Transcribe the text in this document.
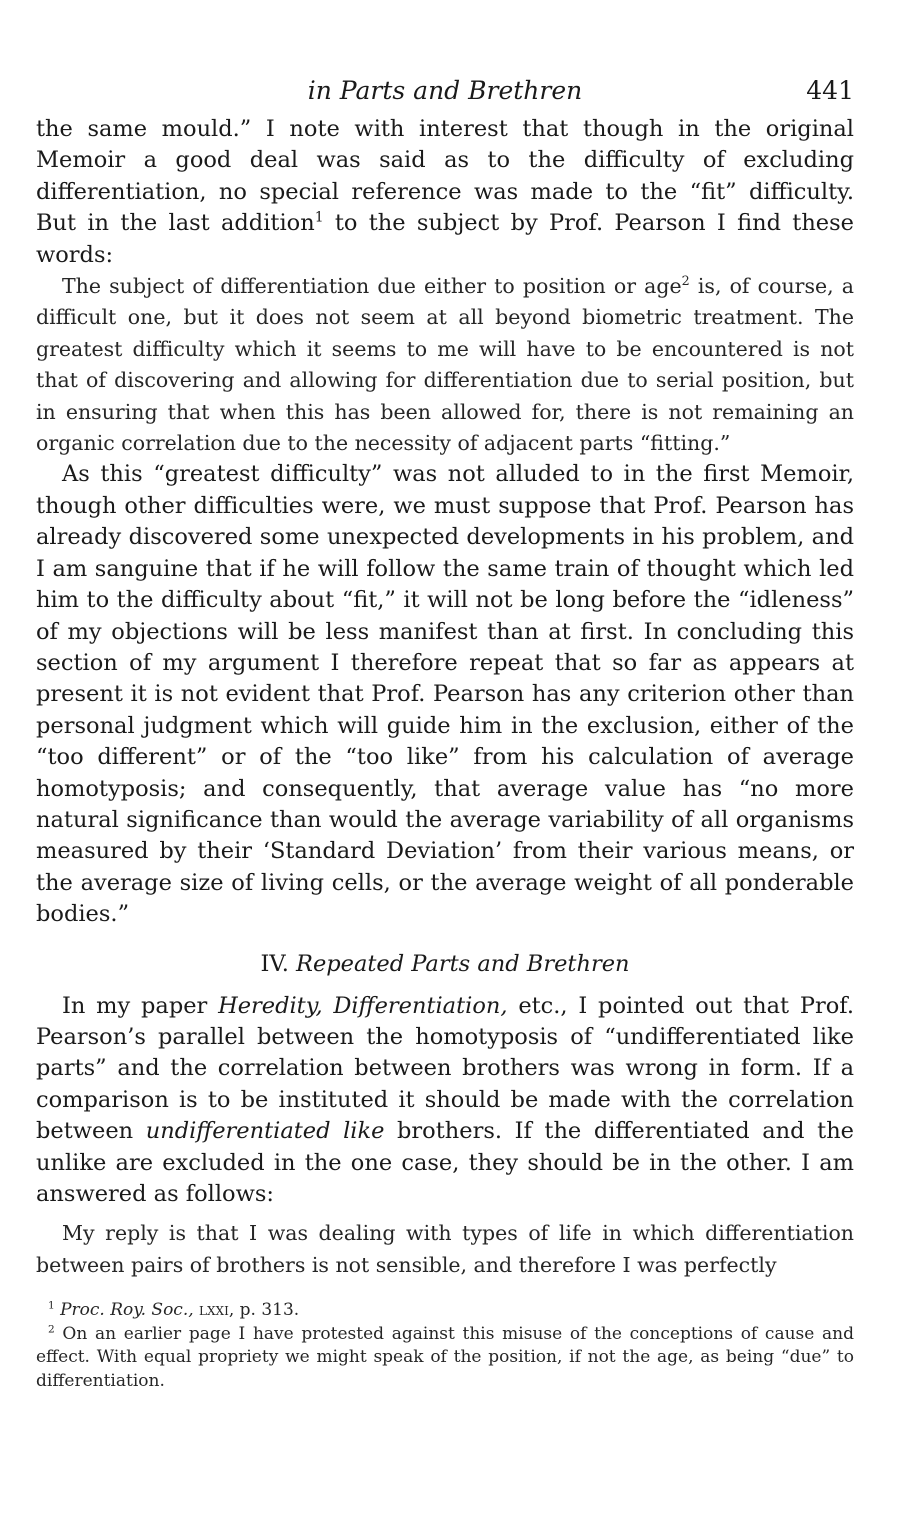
in Parts and Brethren	441

the same mould.” I note with interest that though in the original Memoir a good deal was said as to the difficulty of excluding differentiation, no special reference was made to the “fit” difficulty. But in the last addition$^1$ to the subject by Prof. Pearson I find these words:

The subject of differentiation due either to position or age$^2$ is, of course, a difficult one, but it does not seem at all beyond biometric treatment. The greatest difficulty which it seems to me will have to be encountered is not that of discovering and allowing for differentiation due to serial position, but in ensuring that when this has been allowed for, there is not remaining an organic correlation due to the necessity of adjacent parts “fitting.”

As this “greatest difficulty” was not alluded to in the first Memoir, though other difficulties were, we must suppose that Prof. Pearson has already discovered some unexpected developments in his problem, and I am sanguine that if he will follow the same train of thought which led him to the difficulty about “fit,” it will not be long before the “idleness” of my objections will be less manifest than at first. In concluding this section of my argument I therefore repeat that so far as appears at present it is not evident that Prof. Pearson has any criterion other than personal judgment which will guide him in the exclusion, either of the “too different” or of the “too like” from his calculation of average homotyposis; and consequently, that average value has “no more natural significance than would the average variability of all organisms measured by their ‘Standard Deviation’ from their various means, or the average size of living cells, or the average weight of all ponderable bodies.”

IV. Repeated Parts and Brethren

In my paper Heredity, Differentiation, etc., I pointed out that Prof. Pearson’s parallel between the homotyposis of “undifferentiated like parts” and the correlation between brothers was wrong in form. If a comparison is to be instituted it should be made with the correlation between undifferentiated like brothers. If the differentiated and the unlike are excluded in the one case, they should be in the other. I am answered as follows:

My reply is that I was dealing with types of life in which differentiation between pairs of brothers is not sensible, and therefore I was perfectly

$^1$ Proc. Roy. Soc., lxxi, p. 313.

$^2$ On an earlier page I have protested against this misuse of the conceptions of cause and effect. With equal propriety we might speak of the position, if not the age, as being “due” to differentiation.
